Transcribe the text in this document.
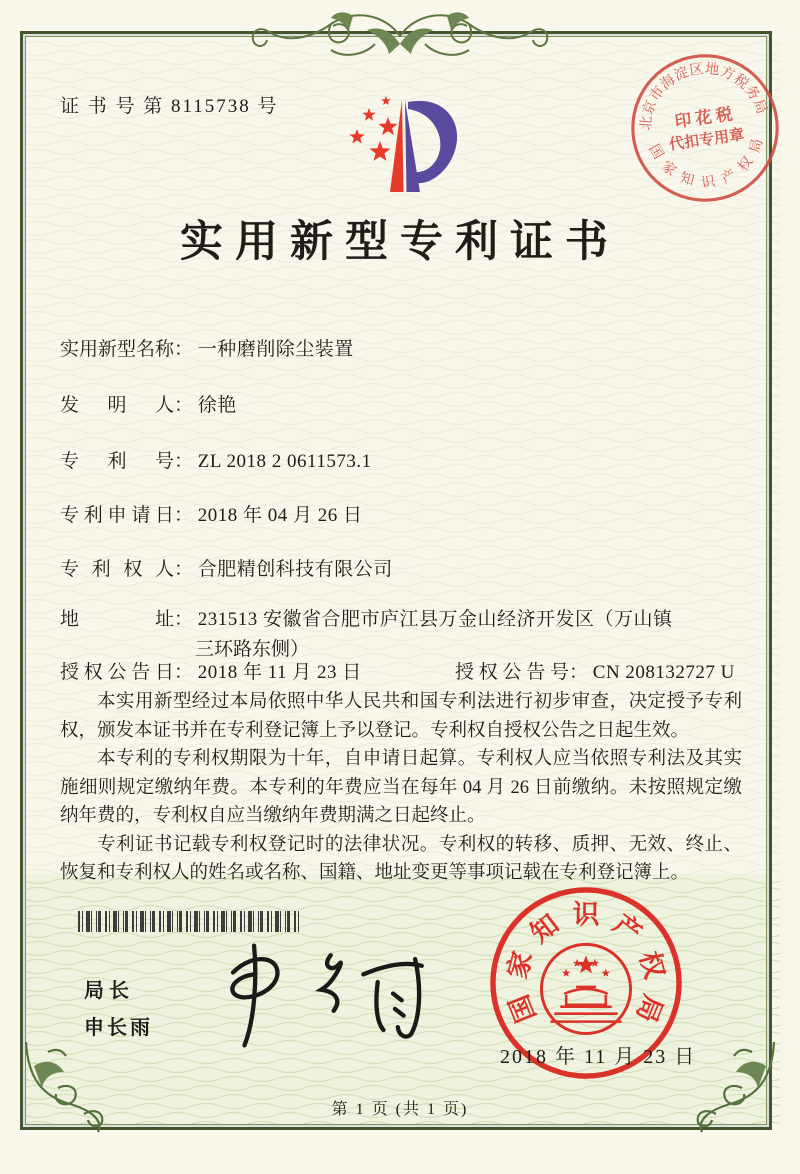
证 书 号 第 8115738 号
北京市海淀区地方税务局
国家知识产权局
印 花 税
代扣专用章
实用新型专利证书
实用新型名称： 一种磨削除尘装置
发明人： 徐艳
专利号： ZL 2018 2 0611573.1
专利申请日： 2018 年 04 月 26 日
专利权人： 合肥精创科技有限公司
地址： 231513 安徽省合肥市庐江县万金山经济开发区（万山镇
三环路东侧）
授权公告日： 2018 年 11 月 23 日	授权公告号： CN 208132727 U

本实用新型经过本局依照中华人民共和国专利法进行初步审查，决定授予专利权，颁发本证书并在专利登记簿上予以登记。专利权自授权公告之日起生效。

本专利的专利权期限为十年，自申请日起算。专利权人应当依照专利法及其实施细则规定缴纳年费。本专利的年费应当在每年 04 月 26 日前缴纳。未按照规定缴纳年费的，专利权自应当缴纳年费期满之日起终止。

专利证书记载专利权登记时的法律状况。专利权的转移、质押、无效、终止、恢复和专利权人的姓名或名称、国籍、地址变更等事项记载在专利登记簿上。

局长
申长雨
国
家
知 识 产
权
局
2018 年 11 月 23 日
第 1 页 (共 1 页)
